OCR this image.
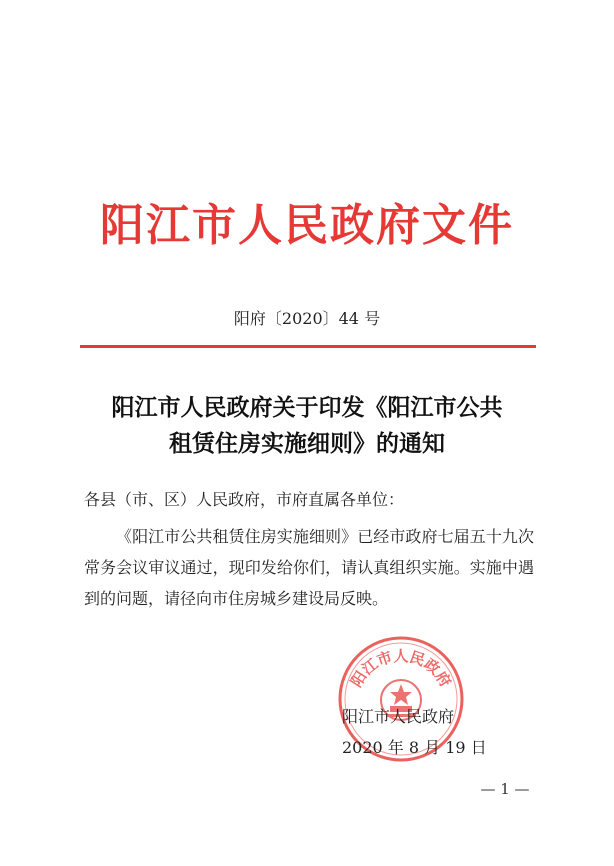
阳江市人民政府文件
阳府〔2020〕44 号
阳江市人民政府关于印发《阳江市公共
租赁住房实施细则》的通知
各县（市、区）人民政府，市府直属各单位：
《阳江市公共租赁住房实施细则》已经市政府七届五十九次常务会议审议通过，现印发给你们，请认真组织实施。实施中遇到的问题，请径向市住房城乡建设局反映。
阳江市人民政府
阳江市人民政府
2020 年 8 月 19 日
— 1 —
